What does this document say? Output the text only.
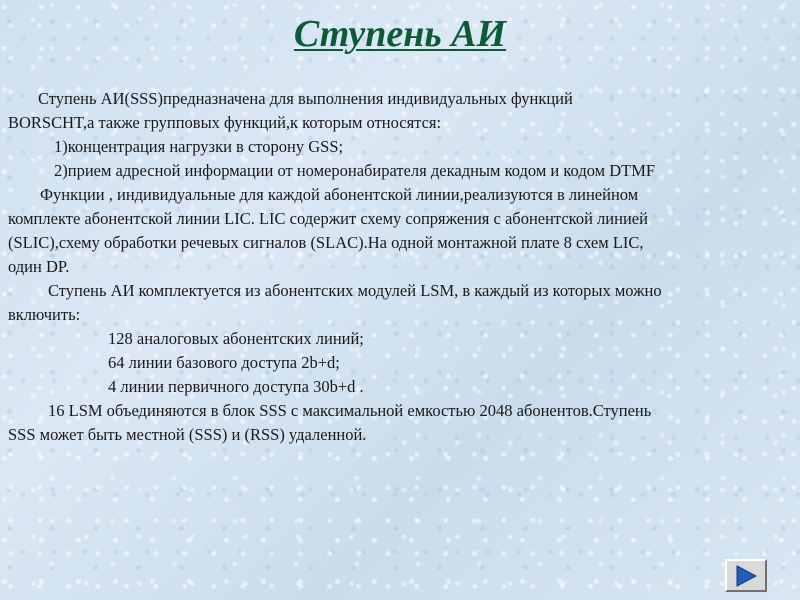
Ступень АИ

Ступень АИ(SSS)предназначена для выполнения индивидуальных функций

BORSCHT,а также групповых функций,к которым относятся:

1)концентрация нагрузки в сторону GSS;

2)прием адресной информации от номеронабирателя декадным кодом и кодом DTMF

Функции , индивидуальные для каждой абонентской линии,реализуются в линейном

комплекте абонентской линии LIC. LIC содержит схему сопряжения с абонентской линией

(SLIC),схему обработки речевых сигналов (SLAC).На одной монтажной плате 8 схем LIC,

один DP.

Ступень АИ комплектуется из абонентских модулей LSM, в каждый из которых можно

включить:

128 аналоговых абонентских линий;

64 линии базового доступа 2b+d;

4 линии первичного доступа 30b+d .

16 LSM объединяются в блок SSS с максимальной емкостью 2048 абонентов.Ступень

SSS может быть местной (SSS) и (RSS) удаленной.
